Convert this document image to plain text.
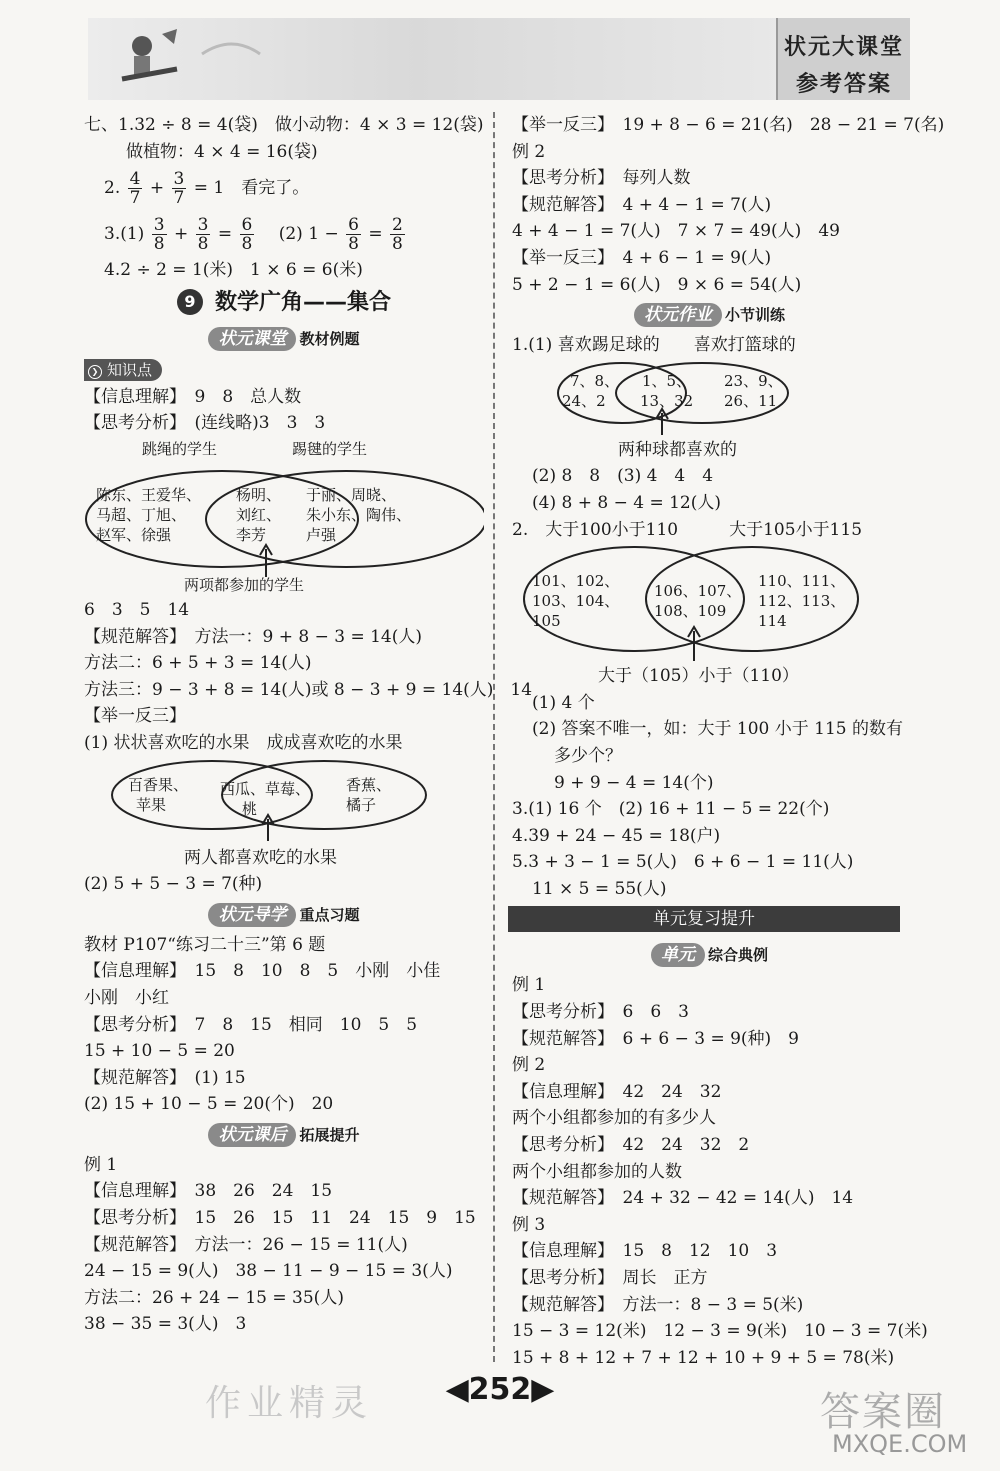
状元大课堂
参考答案
七、1.32 ÷ 8 = 4(袋)　做小动物：4 × 3 = 12(袋)
做植物：4 × 4 = 16(袋)
2. $\frac{4}{7} + \frac{3}{7} = 1$　看完了。
$3.(1) \frac{3}{8} + \frac{3}{8} = \frac{6}{8}$
　 (2) $1 - \frac{6}{8} = \frac{2}{8}$
4.2 ÷ 2 = 1(米)　1 × 6 = 6(米)
9 数学广角——集合
状元课堂 教材例题
❯ 知识点
【信息理解】　9　8　总人数
【思考分析】　(连线略)3　3　3
跳绳的学生	踢毽的学生
陈东、王爱华、
马超、丁旭、
赵军、徐强
杨明、
刘红、
李芳
于丽、周晓、
朱小东、陶伟、
卢强
两项都参加的学生
6　3　5　14
【规范解答】　方法一：9 + 8 − 3 = 14(人)
方法二：6 + 5 + 3 = 14(人)
方法三：9 − 3 + 8 = 14(人)或 8 − 3 + 9 = 14(人)　14
【举一反三】
(1) 状状喜欢吃的水果　成成喜欢吃的水果
百香果、
苹果
西瓜、草莓、
桃
香蕉、
橘子
两人都喜欢吃的水果
(2) 5 + 5 − 3 = 7(种)
状元导学 重点习题
教材 P107“练习二十三”第 6 题
【信息理解】　15　8　10　8　5　小刚　小佳
小刚　小红
【思考分析】　7　8　15　相同　10　5　5
15 + 10 − 5 = 20
【规范解答】　(1) 15
(2) 15 + 10 − 5 = 20(个)　20
状元课后 拓展提升
例 1
【信息理解】　38　26　24　15
【思考分析】　15　26　15　11　24　15　9　15
【规范解答】　方法一：26 − 15 = 11(人)
24 − 15 = 9(人)　38 − 11 − 9 − 15 = 3(人)
方法二：26 + 24 − 15 = 35(人)
38 − 35 = 3(人)　3
【举一反三】　19 + 8 − 6 = 21(名)　28 − 21 = 7(名)
例 2
【思考分析】　每列人数
【规范解答】　4 + 4 − 1 = 7(人)
4 + 4 − 1 = 7(人)　7 × 7 = 49(人)　49
【举一反三】　4 + 6 − 1 = 9(人)
5 + 2 − 1 = 6(人)　9 × 6 = 54(人)
状元作业 小节训练
1.(1) 喜欢踢足球的　　喜欢打篮球的
7、8、
24、2
1、5、
13、32
23、9、
26、11
两种球都喜欢的
(2) 8　8　(3) 4　4　4
(4) 8 + 8 − 4 = 12(人)
2.　大于100小于110　　　大于105小于115
101、102、
103、104、
105
106、107、
108、109
110、111、
112、113、
114
大于（105）小于（110）
(1) 4 个
(2) 答案不唯一，如：大于 100 小于 115 的数有
多少个？
9 + 9 − 4 = 14(个)
3.(1) 16 个　(2) 16 + 11 − 5 = 22(个)
4.39 + 24 − 45 = 18(户)
5.3 + 3 − 1 = 5(人)　6 + 6 − 1 = 11(人)
11 × 5 = 55(人)
单元复习提升
单元 综合典例
例 1
【思考分析】　6　6　3
【规范解答】　6 + 6 − 3 = 9(种)　9
例 2
【信息理解】　42　24　32
两个小组都参加的有多少人
【思考分析】　42　24　32　2
两个小组都参加的人数
【规范解答】　24 + 32 − 42 = 14(人)　14
例 3
【信息理解】　15　8　12　10　3
【思考分析】　周长　正方
【规范解答】　方法一：8 − 3 = 5(米)
15 − 3 = 12(米)　12 − 3 = 9(米)　10 − 3 = 7(米)
15 + 8 + 12 + 7 + 12 + 10 + 9 + 5 = 78(米)
作业精灵	◀252▶	答案圈
MXQE.COM
